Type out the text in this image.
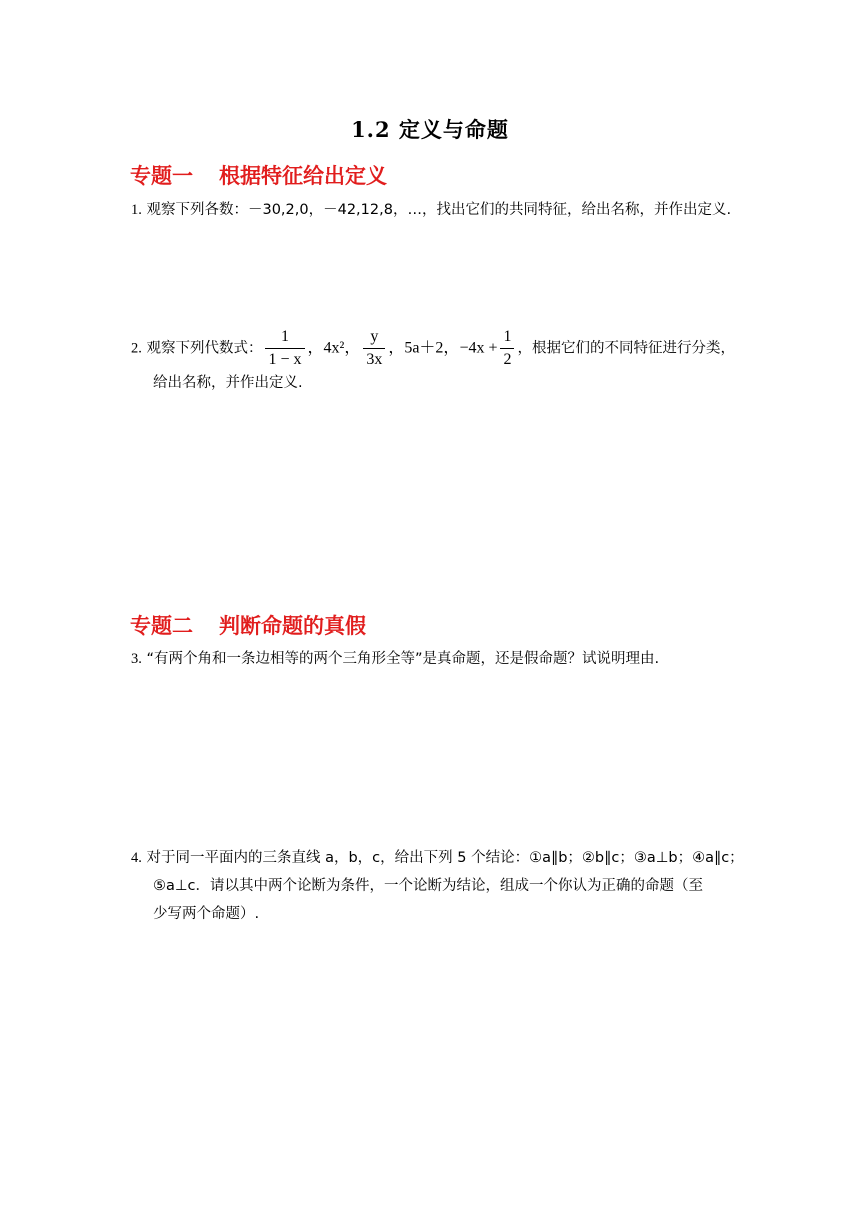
1.2 定义与命题
专题一 根据特征给出定义
1. 观察下列各数：－30,2,0，－42,12,8，…，找出它们的共同特征，给出名称，并作出定义.
2. 观察下列代数式： $\frac{1}{1 - x}$ ，4x²， $\frac{y}{3x}$ ，5a＋2，$-4x + \frac{1}{2}$ ，根据它们的不同特征进行分类，
给出名称，并作出定义.
专题二 判断命题的真假
3. “有两个角和一条边相等的两个三角形全等”是真命题，还是假命题？试说明理由.
4. 对于同一平面内的三条直线 a，b，c，给出下列 5 个结论：①a∥b；②b∥c；③a⊥b；④a∥c；
⑤a⊥c．请以其中两个论断为条件，一个论断为结论，组成一个你认为正确的命题（至
少写两个命题）.
